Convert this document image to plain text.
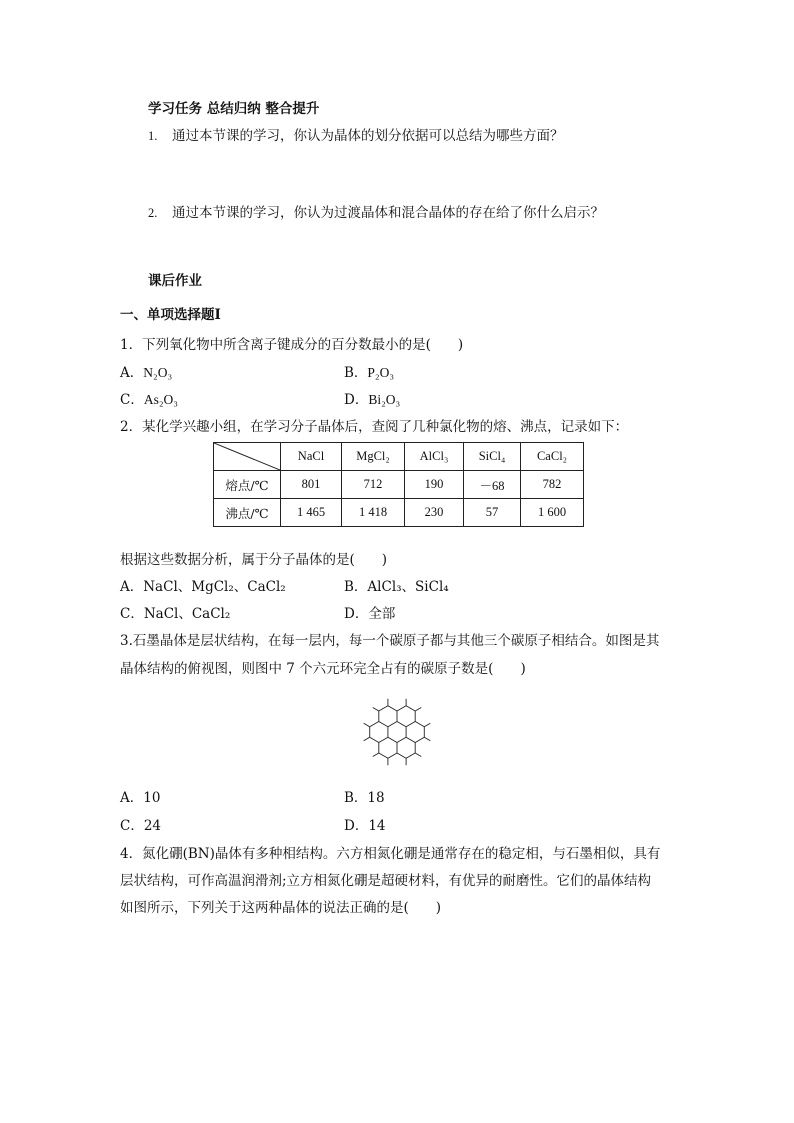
学习任务 总结归纳 整合提升
1. 通过本节课的学习，你认为晶体的划分依据可以总结为哪些方面？
2. 通过本节课的学习，你认为过渡晶体和混合晶体的存在给了你什么启示？
课后作业
一、单项选择题Ⅰ
1．下列氧化物中所含离子键成分的百分数最小的是(　　)
A．N₂O₃	B．P₂O₃
C．As₂O₃	D．Bi₂O₃
2．某化学兴趣小组，在学习分子晶体后，查阅了几种氯化物的熔、沸点，记录如下：
	NaCl	MgCl₂	AlCl₃	SiCl₄	CaCl₂
熔点/℃	801	712	190	－68	782
沸点/℃	1 465	1 418	230	57	1 600
根据这些数据分析，属于分子晶体的是(　　)
A．NaCl、MgCl₂、CaCl₂	B．AlCl₃、SiCl₄
C．NaCl、CaCl₂	D．全部
3.石墨晶体是层状结构，在每一层内，每一个碳原子都与其他三个碳原子相结合。如图是其
晶体结构的俯视图，则图中 7 个六元环完全占有的碳原子数是(　　)
A．10	B．18
C．24	D．14
4．氮化硼(BN)晶体有多种相结构。六方相氮化硼是通常存在的稳定相，与石墨相似，具有
层状结构，可作高温润滑剂;立方相氮化硼是超硬材料，有优异的耐磨性。它们的晶体结构
如图所示，下列关于这两种晶体的说法正确的是(　　)
